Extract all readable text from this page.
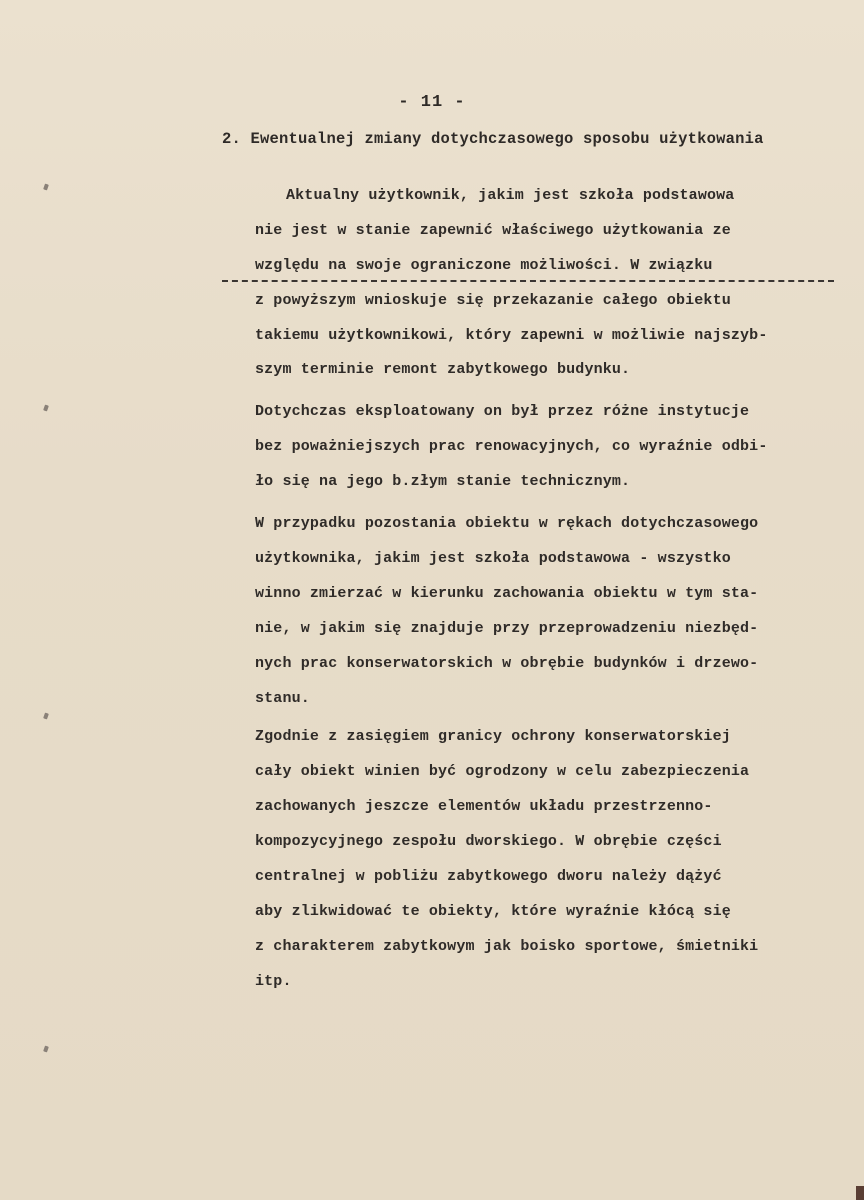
- 11 -
2. Ewentualnej zmiany dotychczasowego sposobu użytkowania
Aktualny użytkownik, jakim jest szkoła podstawowa
nie jest w stanie zapewnić właściwego użytkowania ze
względu na swoje ograniczone możliwości. W związku
z powyższym wnioskuje się przekazanie całego obiektu
takiemu użytkownikowi, który zapewni w możliwie najszyb-
szym terminie remont zabytkowego budynku.
Dotychczas eksploatowany on był przez różne instytucje
bez poważniejszych prac renowacyjnych, co wyraźnie odbi-
ło się na jego b.złym stanie technicznym.
W przypadku pozostania obiektu w rękach dotychczasowego
użytkownika, jakim jest szkoła podstawowa - wszystko
winno zmierzać w kierunku zachowania obiektu w tym sta-
nie, w jakim się znajduje przy przeprowadzeniu niezbęd-
nych prac konserwatorskich w obrębie budynków i drzewo-
stanu.
Zgodnie z zasięgiem granicy ochrony konserwatorskiej
cały obiekt winien być ogrodzony w celu zabezpieczenia
zachowanych jeszcze elementów układu przestrzenno-
kompozycyjnego zespołu dworskiego. W obrębie części
centralnej w pobliżu zabytkowego dworu należy dążyć
aby zlikwidować te obiekty, które wyraźnie kłócą się
z charakterem zabytkowym jak boisko sportowe, śmietniki
itp.
